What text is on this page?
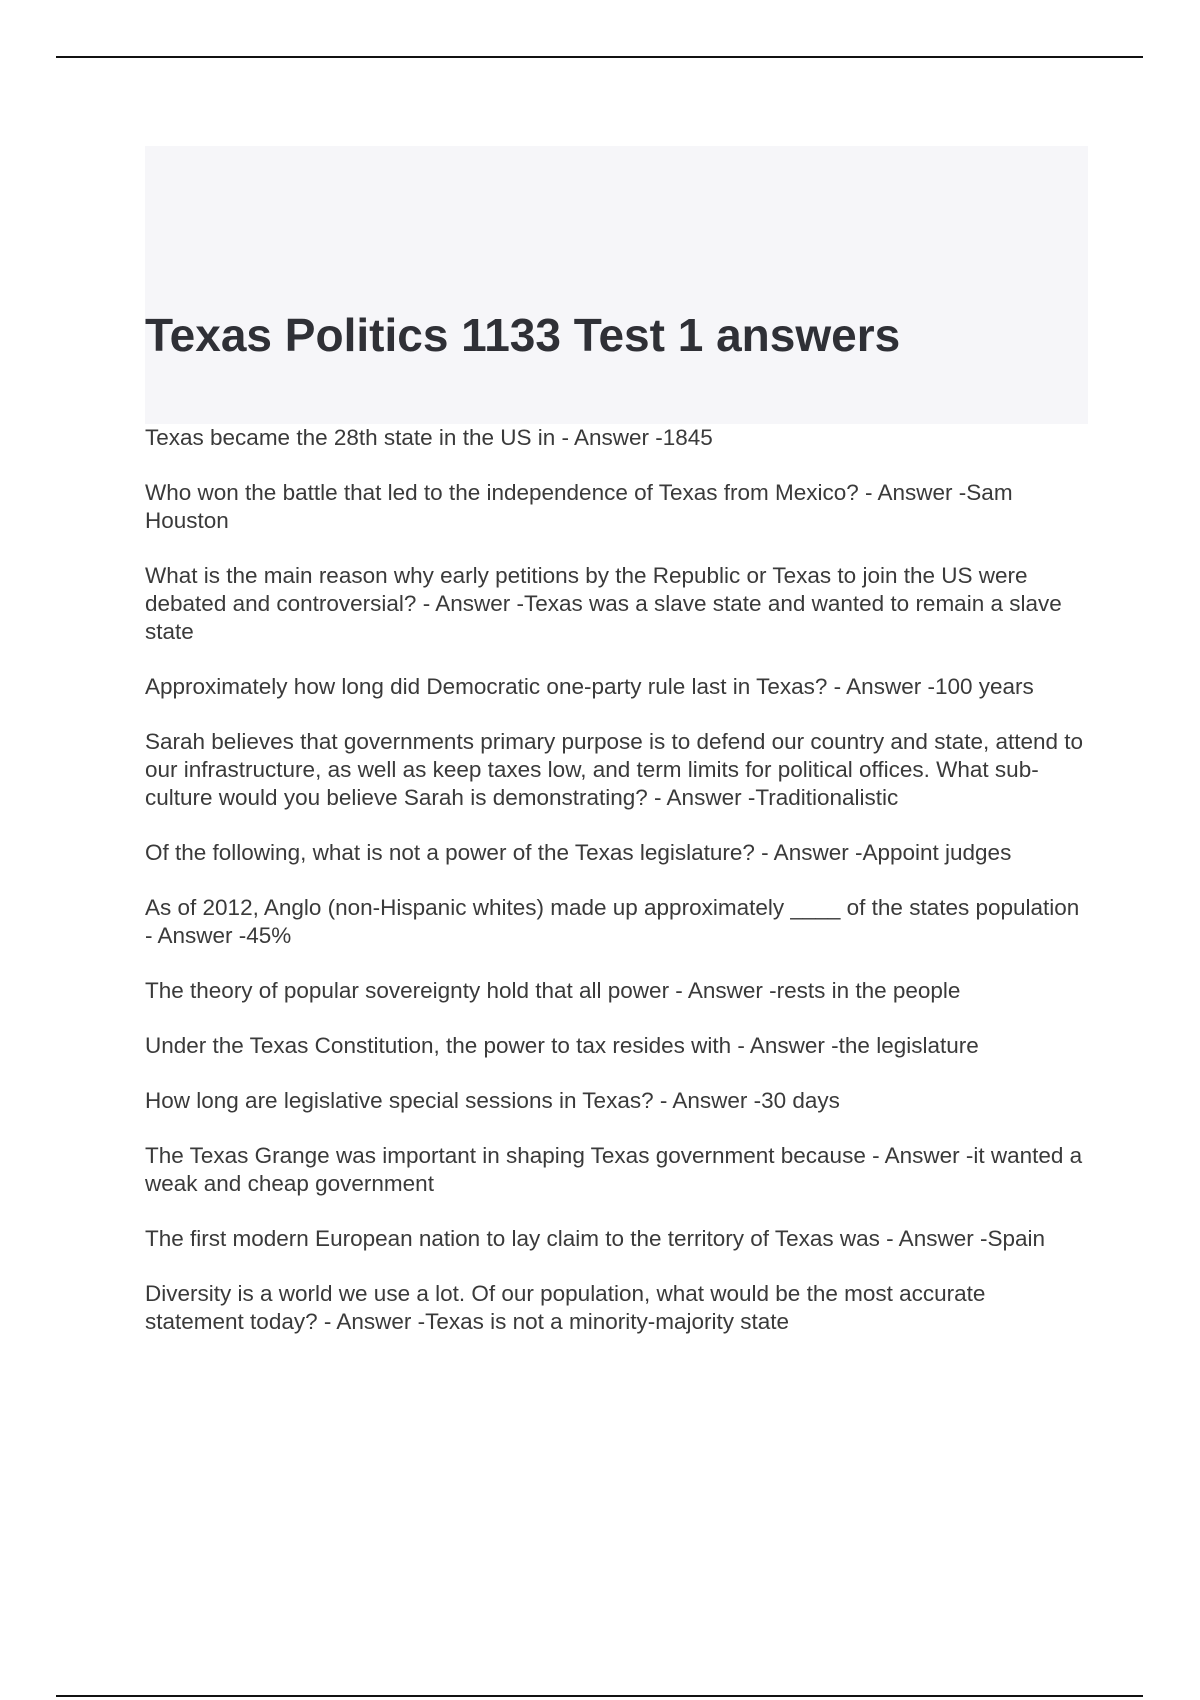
Texas Politics 1133 Test 1 answers

Texas became the 28th state in the US in - Answer -1845

Who won the battle that led to the independence of Texas from Mexico? - Answer -Sam Houston

What is the main reason why early petitions by the Republic or Texas to join the US were debated and controversial? - Answer -Texas was a slave state and wanted to remain a slave state

Approximately how long did Democratic one-party rule last in Texas? - Answer -100 years

Sarah believes that governments primary purpose is to defend our country and state, attend to our infrastructure, as well as keep taxes low, and term limits for political offices. What sub-culture would you believe Sarah is demonstrating? - Answer -Traditionalistic

Of the following, what is not a power of the Texas legislature? - Answer -Appoint judges

As of 2012, Anglo (non-Hispanic whites) made up approximately ____ of the states population - Answer -45%

The theory of popular sovereignty hold that all power - Answer -rests in the people

Under the Texas Constitution, the power to tax resides with - Answer -the legislature

How long are legislative special sessions in Texas? - Answer -30 days

The Texas Grange was important in shaping Texas government because - Answer -it wanted a weak and cheap government

The first modern European nation to lay claim to the territory of Texas was - Answer -Spain

Diversity is a world we use a lot. Of our population, what would be the most accurate statement today? - Answer -Texas is not a minority-majority state
